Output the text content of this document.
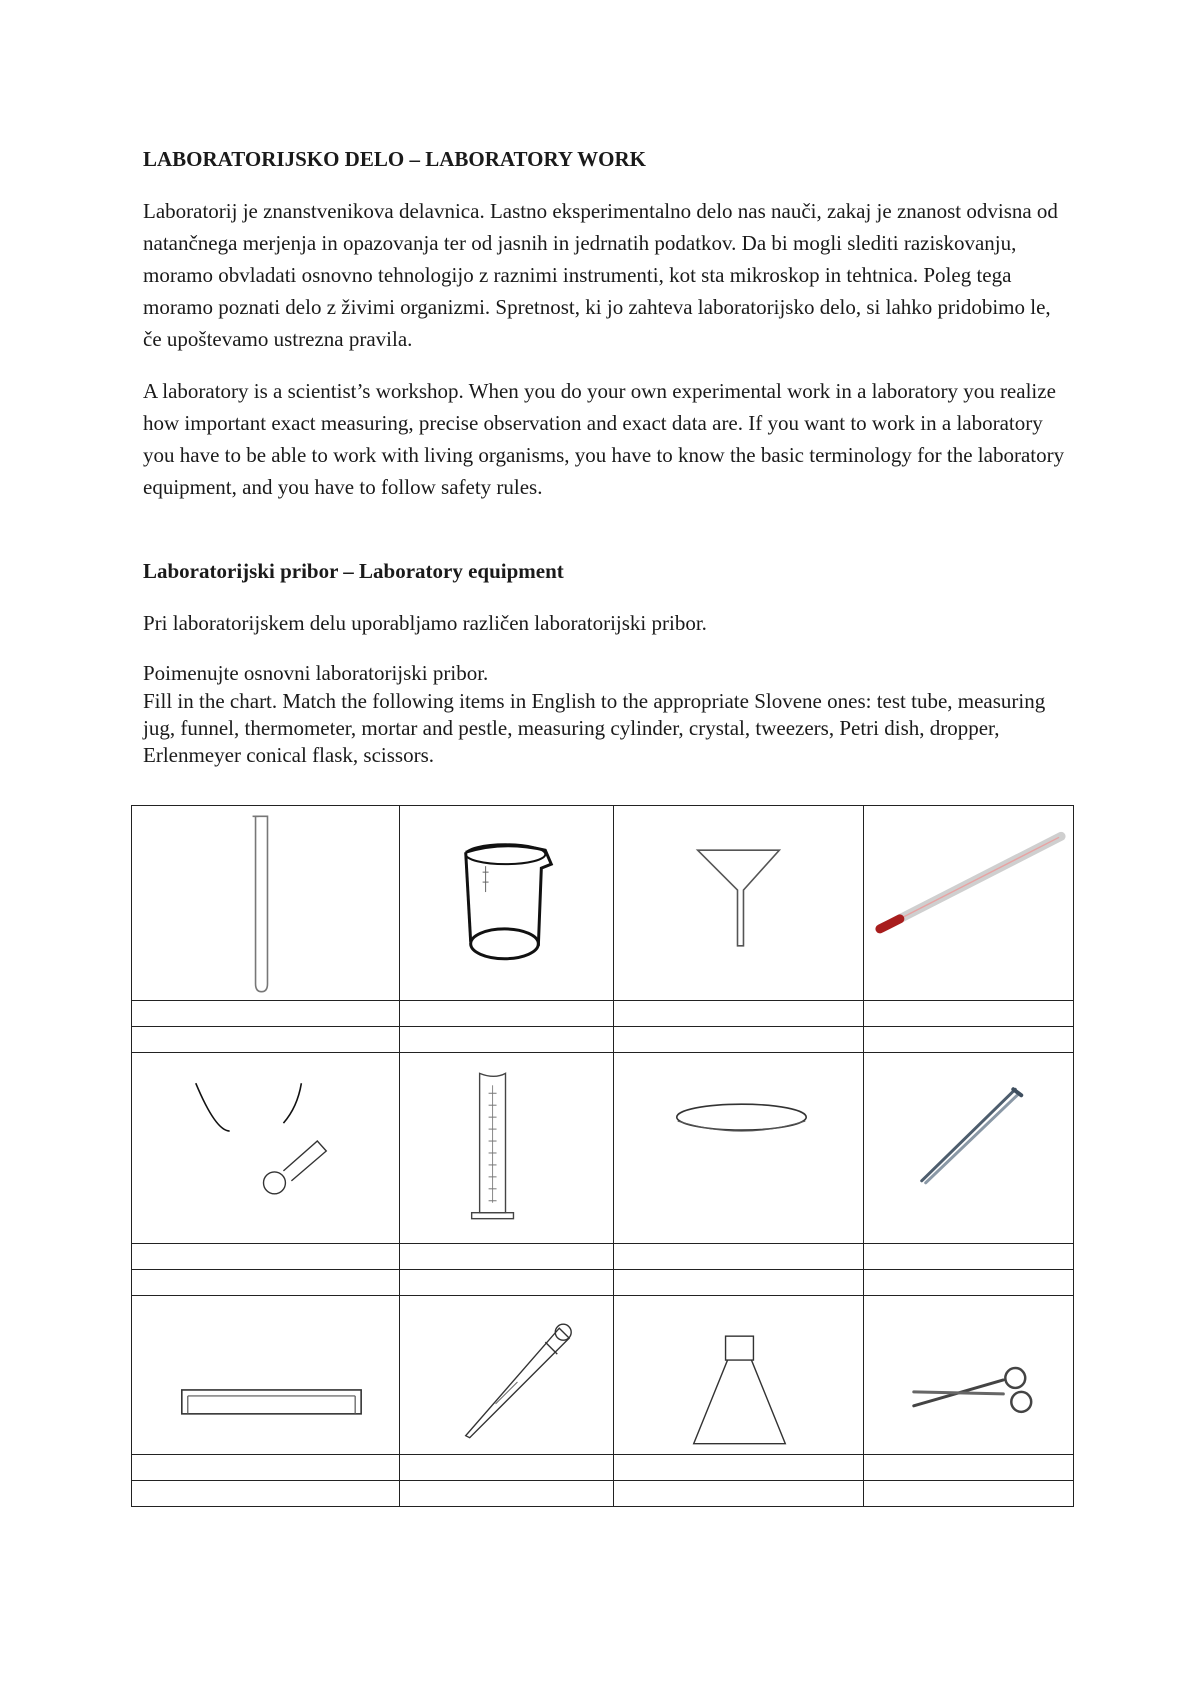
LABORATORIJSKO DELO – LABORATORY WORK
Laboratorij je znanstvenikova delavnica. Lastno eksperimentalno delo nas nauči, zakaj je znanost odvisna od natančnega merjenja in opazovanja ter od jasnih in jedrnatih podatkov. Da bi mogli slediti raziskovanju, moramo obvladati osnovno tehnologijo z raznimi instrumenti, kot sta mikroskop in tehtnica. Poleg tega moramo poznati delo z živimi organizmi. Spretnost, ki jo zahteva laboratorijsko delo, si lahko pridobimo le, če upoštevamo ustrezna pravila.
A laboratory is a scientist’s workshop. When you do your own experimental work in a laboratory you realize how important exact measuring, precise observation and exact data are. If you want to work in a laboratory you have to be able to work with living organisms, you have to know the basic terminology for the laboratory equipment, and you have to follow safety rules.
Laboratorijski pribor – Laboratory equipment
Pri laboratorijskem delu uporabljamo različen laboratorijski pribor.
Poimenujte osnovni laboratorijski pribor.
Fill in the chart. Match the following items in English to the appropriate Slovene ones: test tube, measuring jug, funnel, thermometer, mortar and pestle, measuring cylinder, crystal, tweezers, Petri dish, dropper, Erlenmeyer conical flask, scissors.
